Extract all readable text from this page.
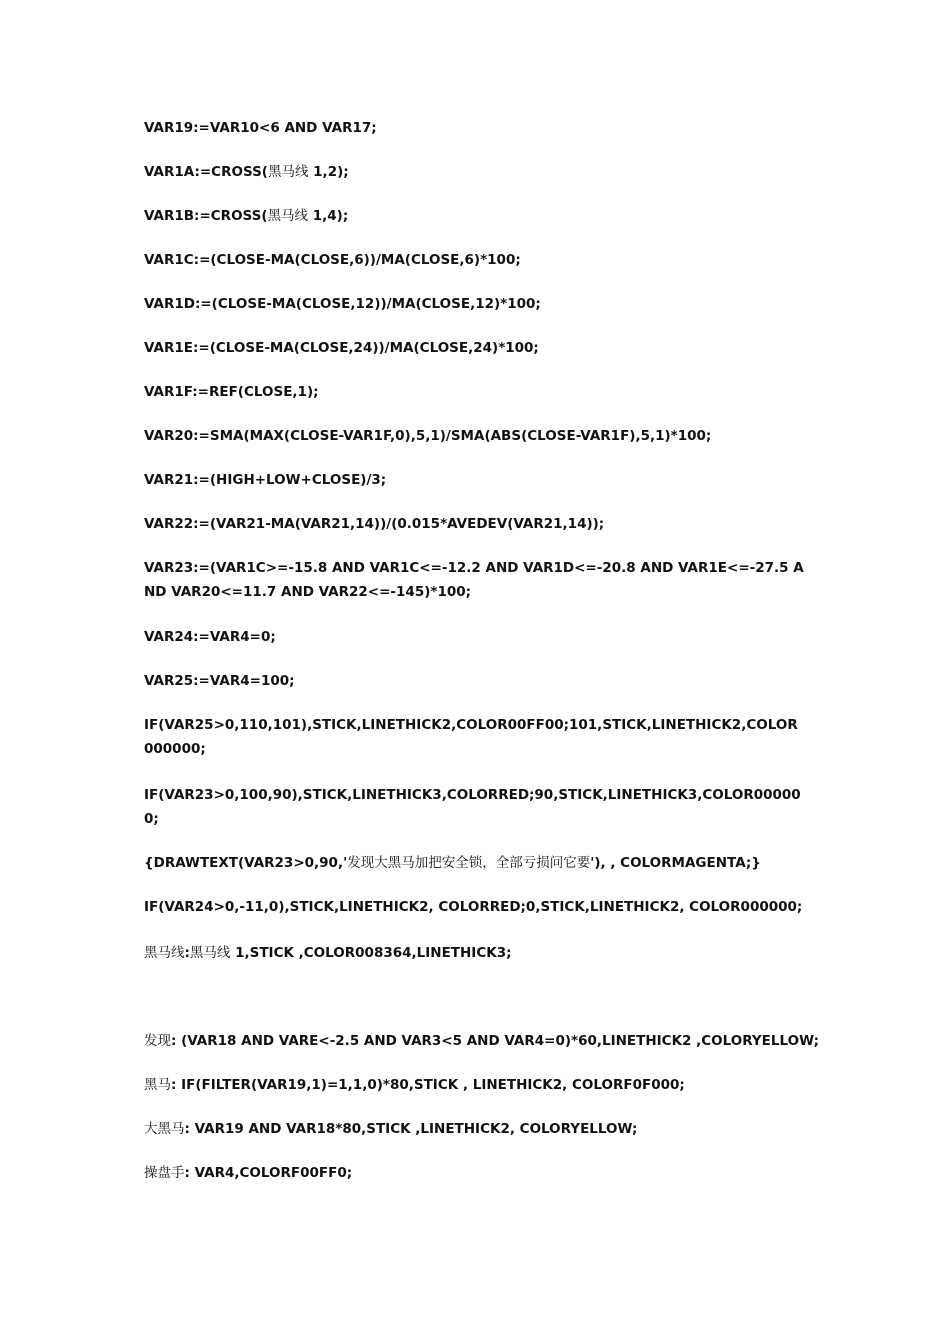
VAR19:=VAR10<6 AND VAR17;
VAR1A:=CROSS(黑马线 1,2);
VAR1B:=CROSS(黑马线 1,4);
VAR1C:=(CLOSE-MA(CLOSE,6))/MA(CLOSE,6)*100;
VAR1D:=(CLOSE-MA(CLOSE,12))/MA(CLOSE,12)*100;
VAR1E:=(CLOSE-MA(CLOSE,24))/MA(CLOSE,24)*100;
VAR1F:=REF(CLOSE,1);
VAR20:=SMA(MAX(CLOSE-VAR1F,0),5,1)/SMA(ABS(CLOSE-VAR1F),5,1)*100;
VAR21:=(HIGH+LOW+CLOSE)/3;
VAR22:=(VAR21-MA(VAR21,14))/(0.015*AVEDEV(VAR21,14));
VAR23:=(VAR1C>=-15.8 AND VAR1C<=-12.2 AND VAR1D<=-20.8 AND VAR1E<=-27.5 AND VAR20<=11.7 AND VAR22<=-145)*100;
VAR24:=VAR4=0;
VAR25:=VAR4=100;
IF(VAR25>0,110,101),STICK,LINETHICK2,COLOR00FF00;101,STICK,LINETHICK2,COLOR000000;
IF(VAR23>0,100,90),STICK,LINETHICK3,COLORRED;90,STICK,LINETHICK3,COLOR000000;
{DRAWTEXT(VAR23>0,90,'发现大黑马加把安全锁，全部亏损问它要'), , COLORMAGENTA;}
IF(VAR24>0,-11,0),STICK,LINETHICK2, COLORRED;0,STICK,LINETHICK2, COLOR000000;
黑马线:黑马线 1,STICK ,COLOR008364,LINETHICK3;
发现: (VAR18 AND VARE<-2.5 AND VAR3<5 AND VAR4=0)*60,LINETHICK2 ,COLORYELLOW;
黑马: IF(FILTER(VAR19,1)=1,1,0)*80,STICK , LINETHICK2, COLORF0F000;
大黑马: VAR19 AND VAR18*80,STICK ,LINETHICK2, COLORYELLOW;
操盘手: VAR4,COLORF00FF0;
